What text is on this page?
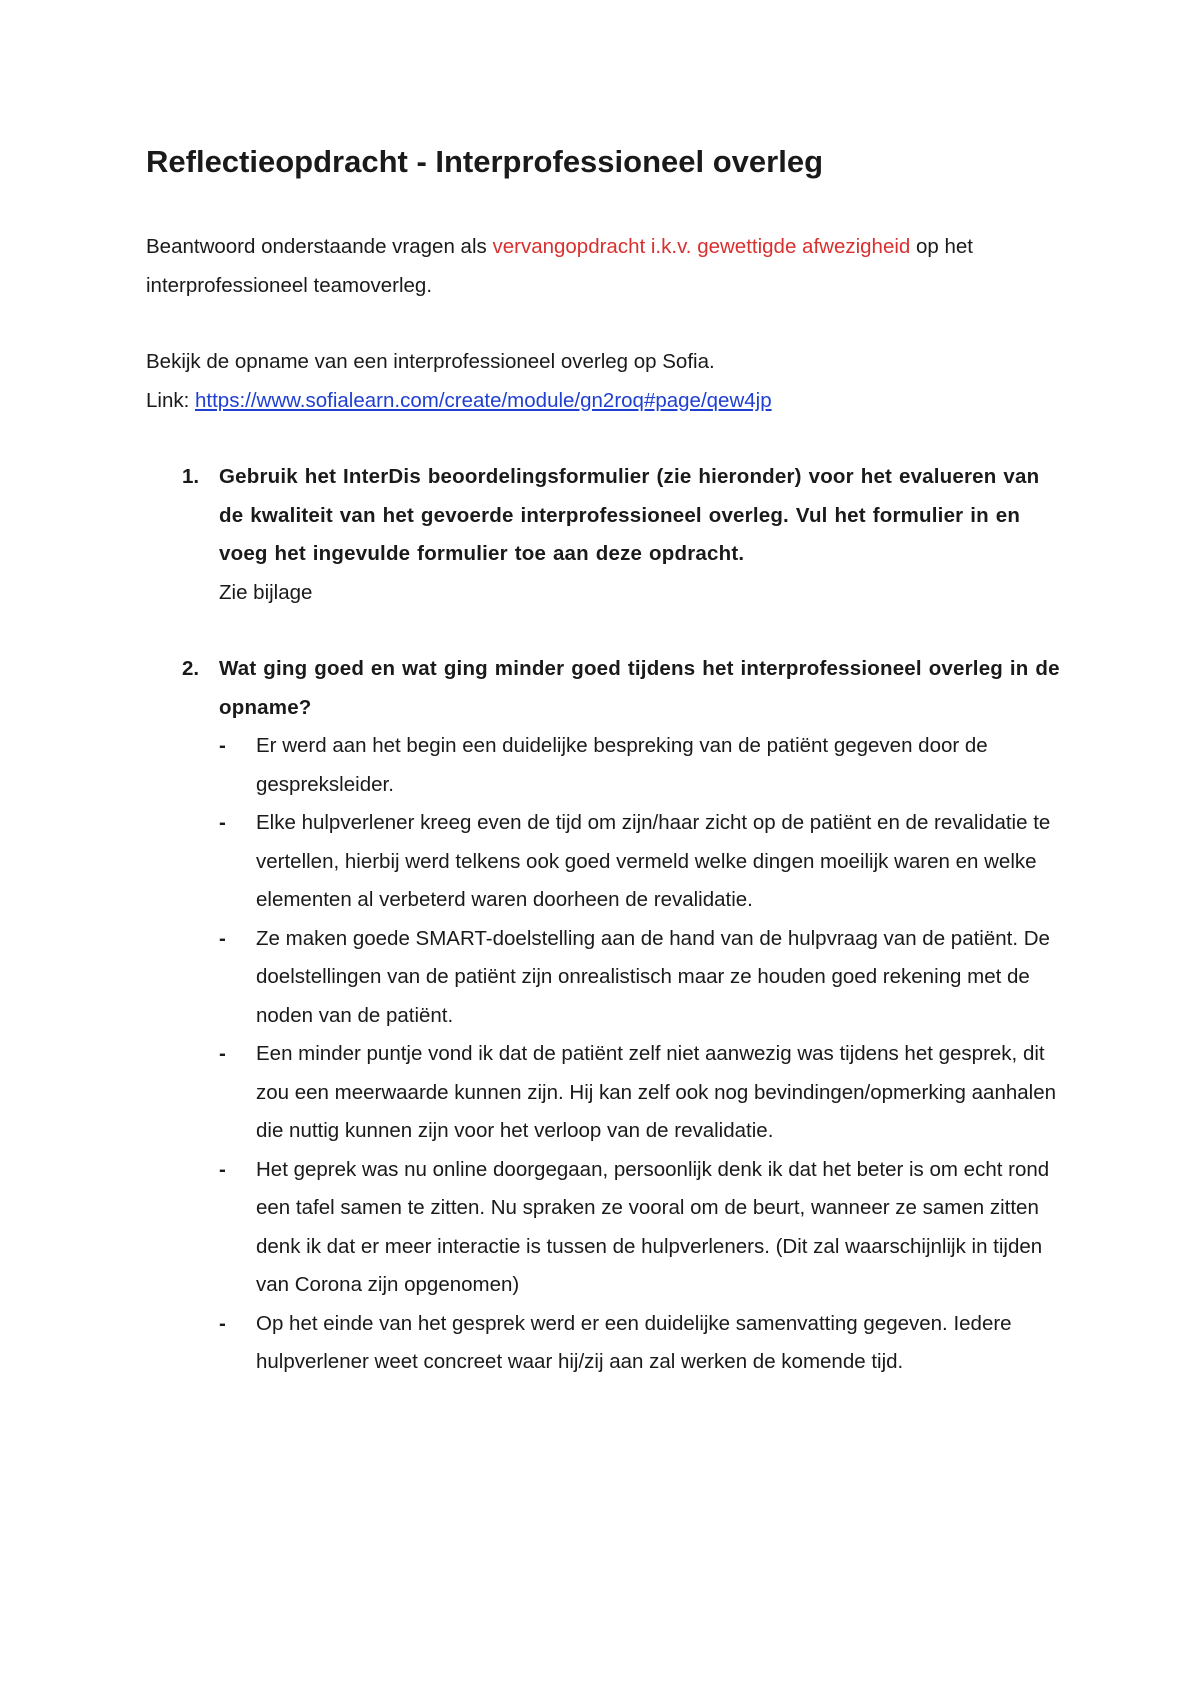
Reflectieopdracht - Interprofessioneel overleg

Beantwoord onderstaande vragen als vervangopdracht i.k.v. gewettigde afwezigheid op het interprofessioneel teamoverleg.

Bekijk de opname van een interprofessioneel overleg op Sofia.

Link: https://www.sofialearn.com/create/module/gn2roq#page/qew4jp

1. Gebruik het InterDis beoordelingsformulier (zie hieronder) voor het evalueren van de kwaliteit van het gevoerde interprofessioneel overleg. Vul het formulier in en voeg het ingevulde formulier toe aan deze opdracht.
Zie bijlage
2. Wat ging goed en wat ging minder goed tijdens het interprofessioneel overleg in de opname?
- Er werd aan het begin een duidelijke bespreking van de patiënt gegeven door de gespreksleider.
- Elke hulpverlener kreeg even de tijd om zijn/haar zicht op de patiënt en de revalidatie te vertellen, hierbij werd telkens ook goed vermeld welke dingen moeilijk waren en welke elementen al verbeterd waren doorheen de revalidatie.
- Ze maken goede SMART-doelstelling aan de hand van de hulpvraag van de patiënt. De doelstellingen van de patiënt zijn onrealistisch maar ze houden goed rekening met de noden van de patiënt.
- Een minder puntje vond ik dat de patiënt zelf niet aanwezig was tijdens het gesprek, dit zou een meerwaarde kunnen zijn. Hij kan zelf ook nog bevindingen/opmerking aanhalen die nuttig kunnen zijn voor het verloop van de revalidatie.
- Het geprek was nu online doorgegaan, persoonlijk denk ik dat het beter is om echt rond een tafel samen te zitten. Nu spraken ze vooral om de beurt, wanneer ze samen zitten denk ik dat er meer interactie is tussen de hulpverleners. (Dit zal waarschijnlijk in tijden van Corona zijn opgenomen)
- Op het einde van het gesprek werd er een duidelijke samenvatting gegeven. Iedere hulpverlener weet concreet waar hij/zij aan zal werken de komende tijd.
